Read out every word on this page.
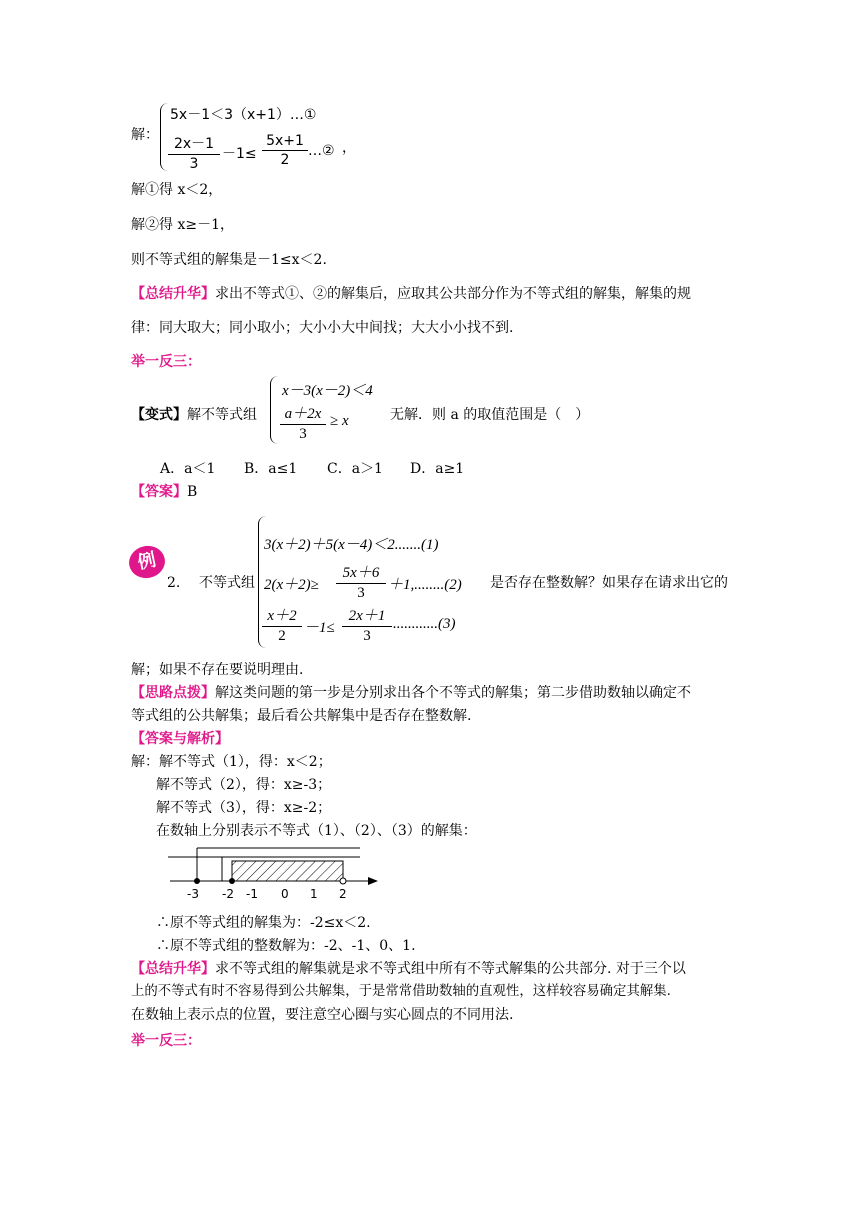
解：
5x－1＜3（x+1）…①
2x－1
3
－1≤
5x+1
2
…② ，
解①得 x＜2，
解②得 x≥－1，
则不等式组的解集是－1≤x＜2.
【总结升华】求出不等式①、②的解集后，应取其公共部分作为不等式组的解集，解集的规
律：同大取大；同小取小；大小小大中间找；大大小小找不到.
举一反三：
【变式】解不等式组
x－3(x－2)＜4
a＋2x
3
≥ x	无解．则 a 的取值范围是（　）
A．a＜1 B．a≤1 C．a＞1 D．a≥1
【答案】B
例
2. 不等式组
3(x＋2)＋5(x－4)＜2.......(1)
2(x＋2)≥
5x＋6
3	＋1,........(2)
x＋2
2	－1≤
2x＋1
3
............(3)
是否存在整数解？如果存在请求出它的
解；如果不存在要说明理由.
【思路点拨】解这类问题的第一步是分别求出各个不等式的解集；第二步借助数轴以确定不
等式组的公共解集；最后看公共解集中是否存在整数解.
【答案与解析】
解：解不等式（1），得：x＜2；
解不等式（2），得：x≥-3；
解不等式（3），得：x≥-2；
在数轴上分别表示不等式（1）、（2）、（3）的解集：
-3 -2 -1 0 1 2
∴原不等式组的解集为：-2≤x＜2.
∴原不等式组的整数解为：-2、-1、0、1.
【总结升华】求不等式组的解集就是求不等式组中所有不等式解集的公共部分. 对于三个以
上的不等式有时不容易得到公共解集，于是常常借助数轴的直观性，这样较容易确定其解集.
在数轴上表示点的位置，要注意空心圈与实心圆点的不同用法.
举一反三：
